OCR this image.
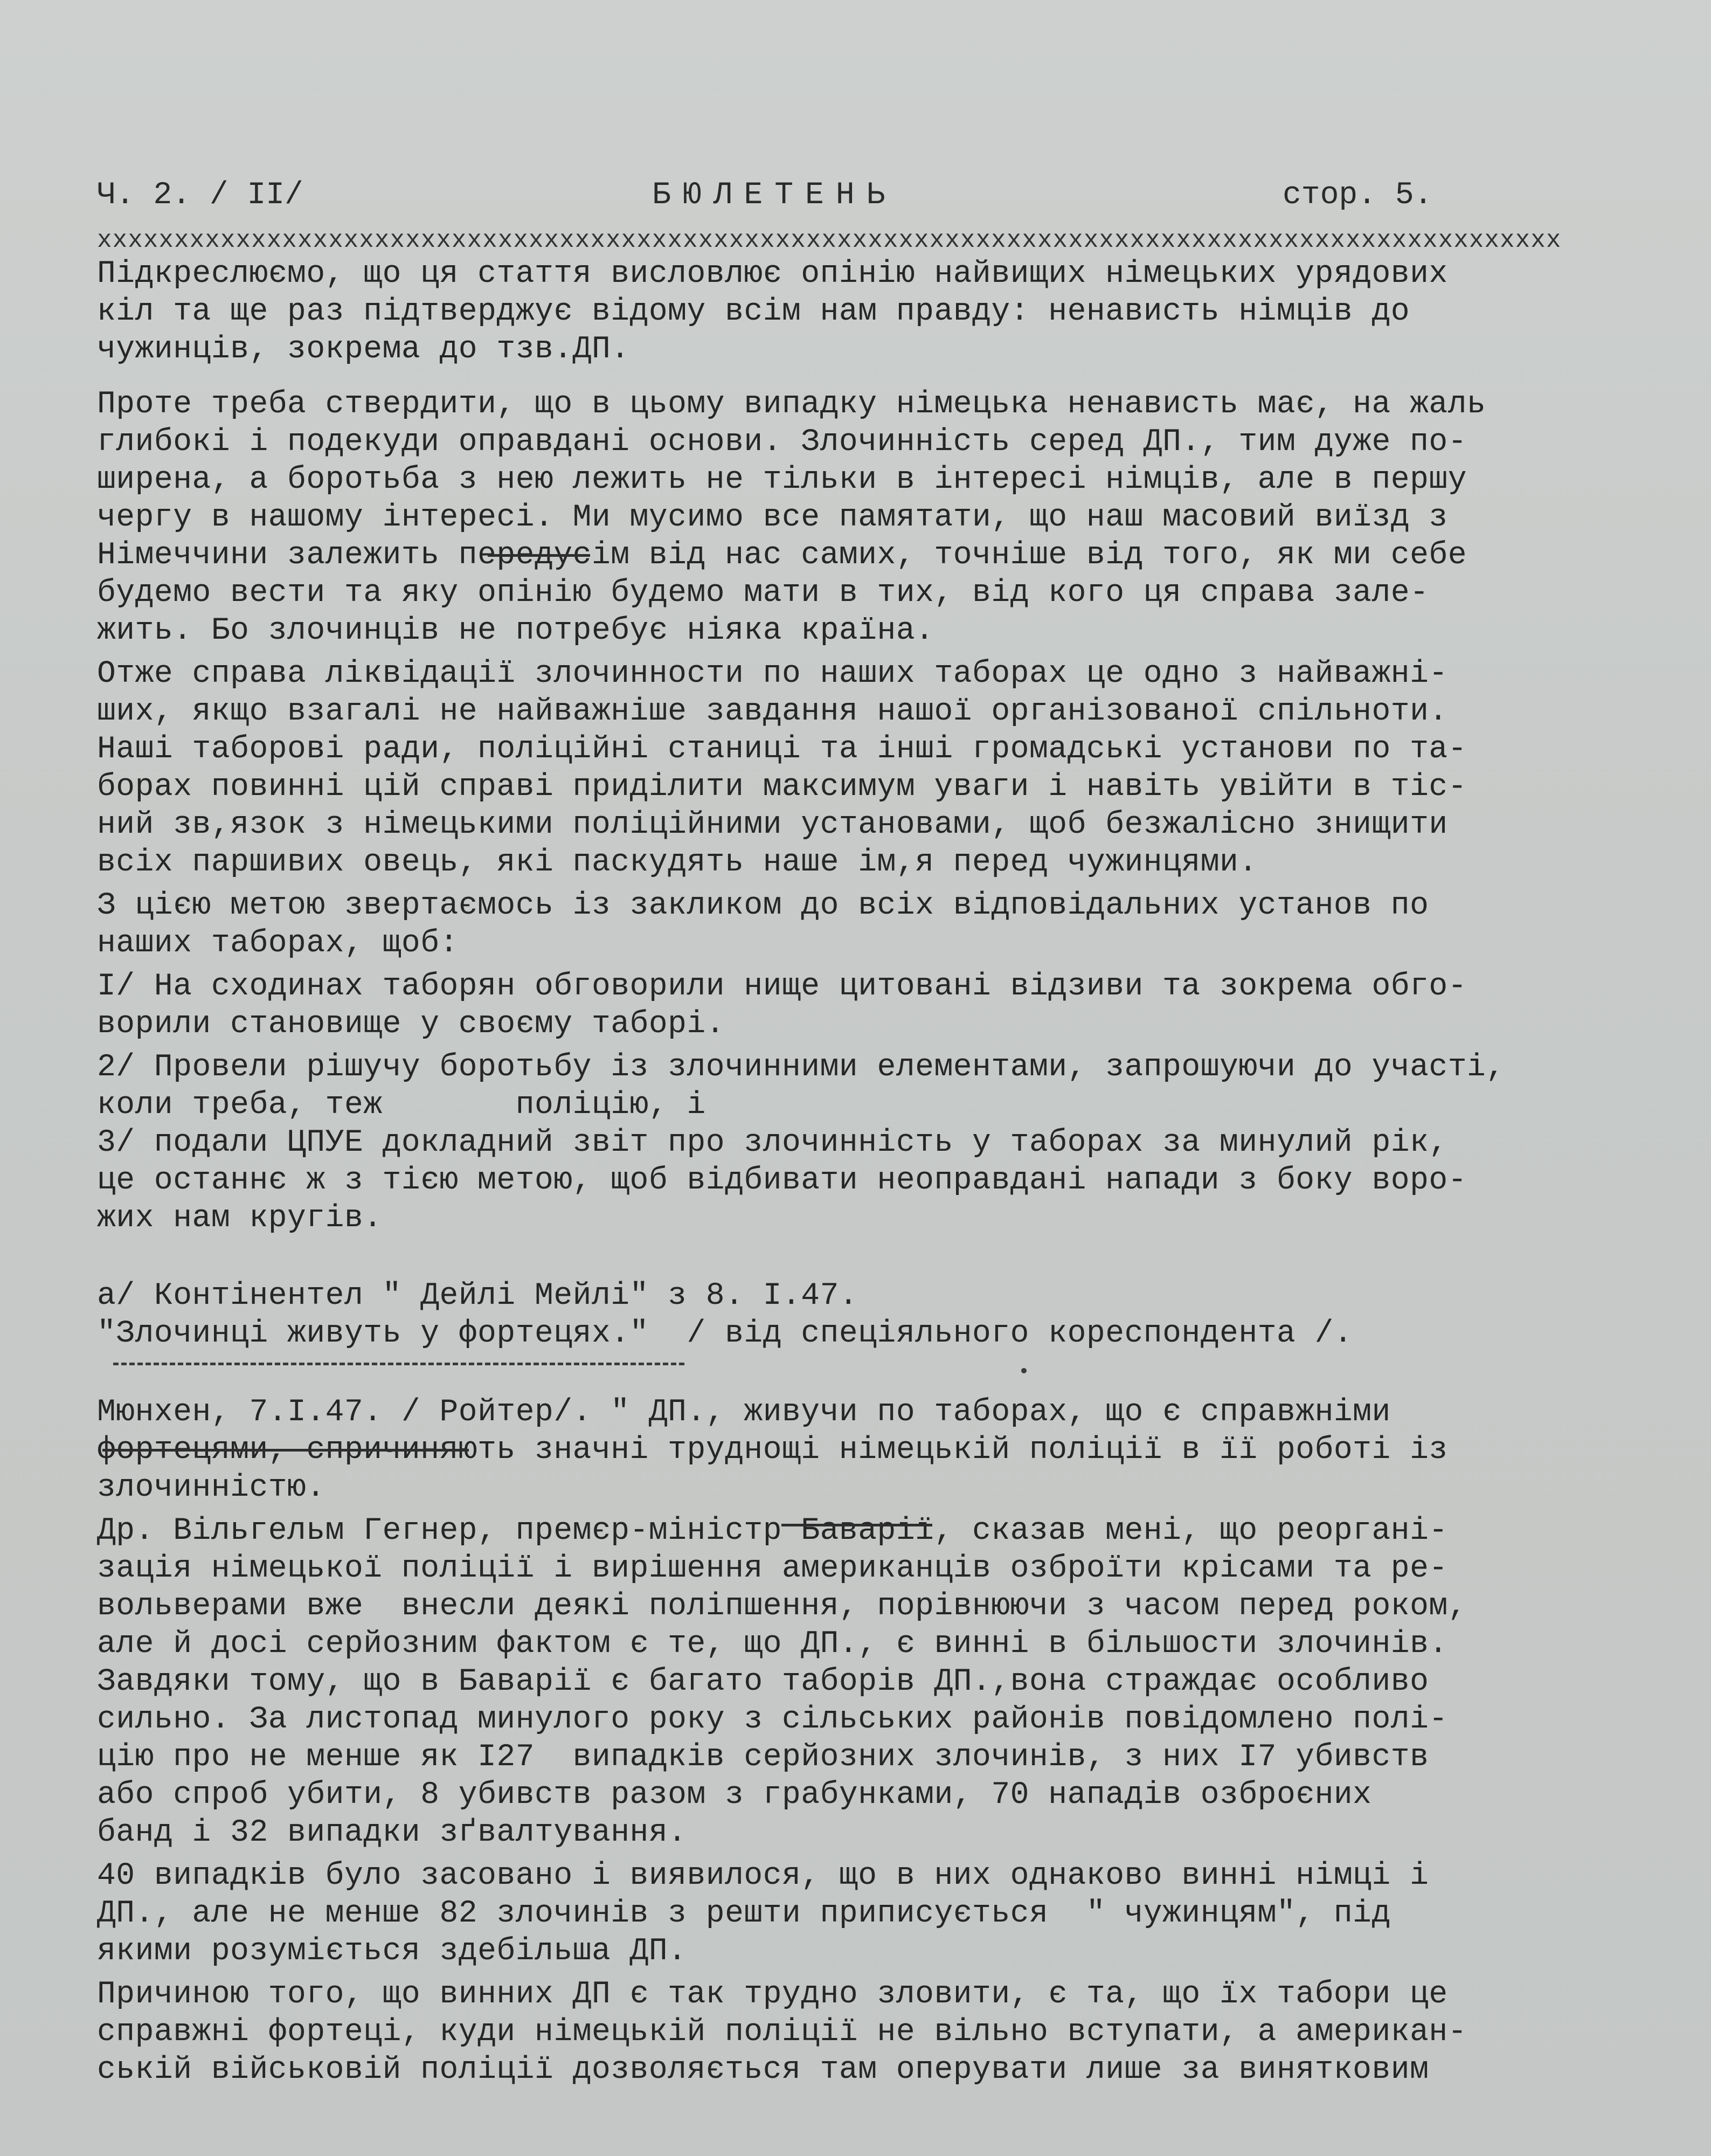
Ч. 2. / II/	БЮЛЕТЕНЬ	стор. 5.
xxxxxxxxxxxxxxxxxxxxxxxxxxxxxxxxxxxxxxxxxxxxxxxxxxxxxxxxxxxxxxxxxxxxxxxxxxxxxxxxxxxxxxxxxxxxxxx
Підкреслюємо, що ця стаття висловлює опінію найвищих німецьких урядових
кіл та ще раз підтверджує відому всім нам правду: ненависть німців до
чужинців, зокрема до тзв.ДП.
Проте треба ствердити, що в цьому випадку німецька ненависть має, на жаль
глибокі і подекуди оправдані основи. Злочинність серед ДП., тим дуже по-
ширена, а боротьба з нею лежить не тільки в інтересі німців, але в першу
чергу в нашому інтересі. Ми мусимо все памятати, що наш масовий виїзд з
Німеччини залежить передусім від нас самих, точніше від того, як ми себе
будемо вести та яку опінію будемо мати в тих, від кого ця справа зале-
жить. Бо злочинців не потребує ніяка країна.
Отже справа ліквідації злочинности по наших таборах це одно з найважні-
ших, якщо взагалі не найважніше завдання нашої організованої спільноти.
Наші таборові ради, поліційні станиці та інші громадські установи по та-
борах повинні цій справі приділити максимум уваги і навіть увійти в тіс-
ний зв,язок з німецькими поліційними установами, щоб безжалісно знищити
всіх паршивих овець, які паскудять наше ім,я перед чужинцями.
З цією метою звертаємось із закликом до всіх відповідальних установ по
наших таборах, щоб:
І/ На сходинах таборян обговорили нище цитовані відзиви та зокрема обго-
ворили становище у своєму таборі.
2/ Провели рішучу боротьбу із злочинними елементами, запрошуючи до участі,
коли треба, теж       поліцію, і
3/ подали ЦПУЕ докладний звіт про злочинність у таборах за минулий рік,
це останнє ж з тією метою, щоб відбивати неоправдані напади з боку воро-
жих нам кругів.
а/ Контінентел " Дейлі Мейлі" з 8. І.47.
"Злочинці живуть у фортецях."  / від спеціяльного кореспондента /.
Мюнхен, 7.І.47. / Ройтер/. " ДП., живучи по таборах, що є справжніми
фортецями, спричиняють значні труднощі німецькій поліції в її роботі із
злочинністю.
Др. Вільгельм Гегнер, премєр-міністр Баварії, сказав мені, що реоргані-
зація німецької поліції і вирішення американців озброїти крісами та ре-
вольверами вже  внесли деякі поліпшення, порівнюючи з часом перед роком,
але й досі серйозним фактом є те, що ДП., є винні в більшости злочинів.
Завдяки тому, що в Баварії є багато таборів ДП.,вона страждає особливо
сильно. За листопад минулого року з сільських районів повідомлено полі-
цію про не менше як І27  випадків серйозних злочинів, з них І7 убивств
або спроб убити, 8 убивств разом з грабунками, 70 нападів озброєних
банд і 32 випадки зґвалтування.
40 випадків було засовано і виявилося, що в них однаково винні німці і
ДП., але не менше 82 злочинів з решти приписується  " чужинцям", під
якими розуміється здебільша ДП.
Причиною того, що винних ДП є так трудно зловити, є та, що їх табори це
справжні фортеці, куди німецькій поліції не вільно вступати, а американ-
ській військовій поліції дозволяється там оперувати лише за винятковим
